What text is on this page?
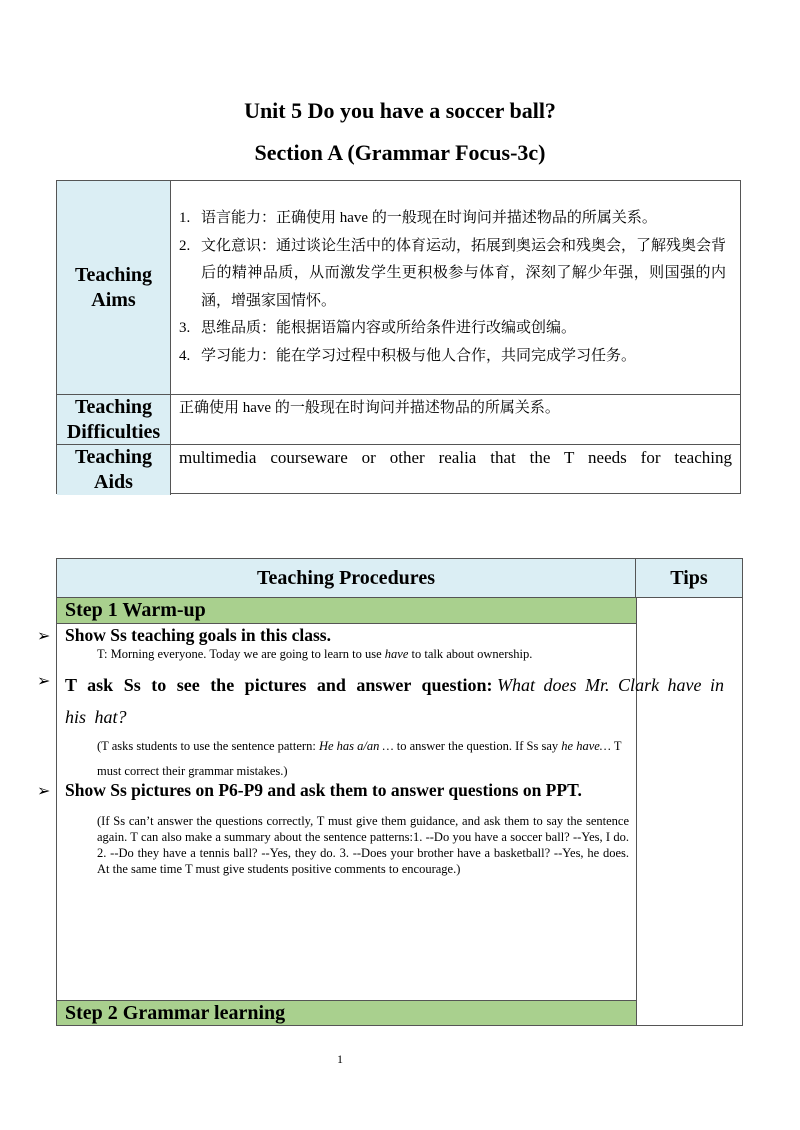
Unit 5 Do you have a soccer ball?
Section A (Grammar Focus-3c)
Teaching
Aims
1. 语言能力：正确使用 have 的一般现在时询问并描述物品的所属关系。
2. 文化意识：通过谈论生活中的体育运动，拓展到奥运会和残奥会，了解残奥会背后的精神品质，从而激发学生更积极参与体育，深刻了解少年强，则国强的内涵，增强家国情怀。
3. 思维品质：能根据语篇内容或所给条件进行改编或创编。
4. 学习能力：能在学习过程中积极与他人合作，共同完成学习任务。
Teaching
Difficulties
正确使用 have 的一般现在时询问并描述物品的所属关系。
Teaching
Aids
multimedia courseware or other realia that the T needs for teaching
Teaching Procedures	Tips
Step 1 Warm-up
➢ Show Ss teaching goals in this class.
T: Morning everyone. Today we are going to learn to use have to talk about ownership.
➢ T ask Ss to see the pictures and answer question: What does Mr. Clark have in his hat?
(T asks students to use the sentence pattern: He has a/an … to answer the question. If Ss say he have… T must correct their grammar mistakes.)
➢ Show Ss pictures on P6-P9 and ask them to answer questions on PPT.
(If Ss can’t answer the questions correctly, T must give them guidance, and ask them to say the sentence again. T can also make a summary about the sentence patterns:1. --Do you have a soccer ball? --Yes, I do. 2. --Do they have a tennis ball? --Yes, they do. 3. --Does your brother have a basketball? --Yes, he does. At the same time T must give students positive comments to encourage.)
Step 2 Grammar learning
1
